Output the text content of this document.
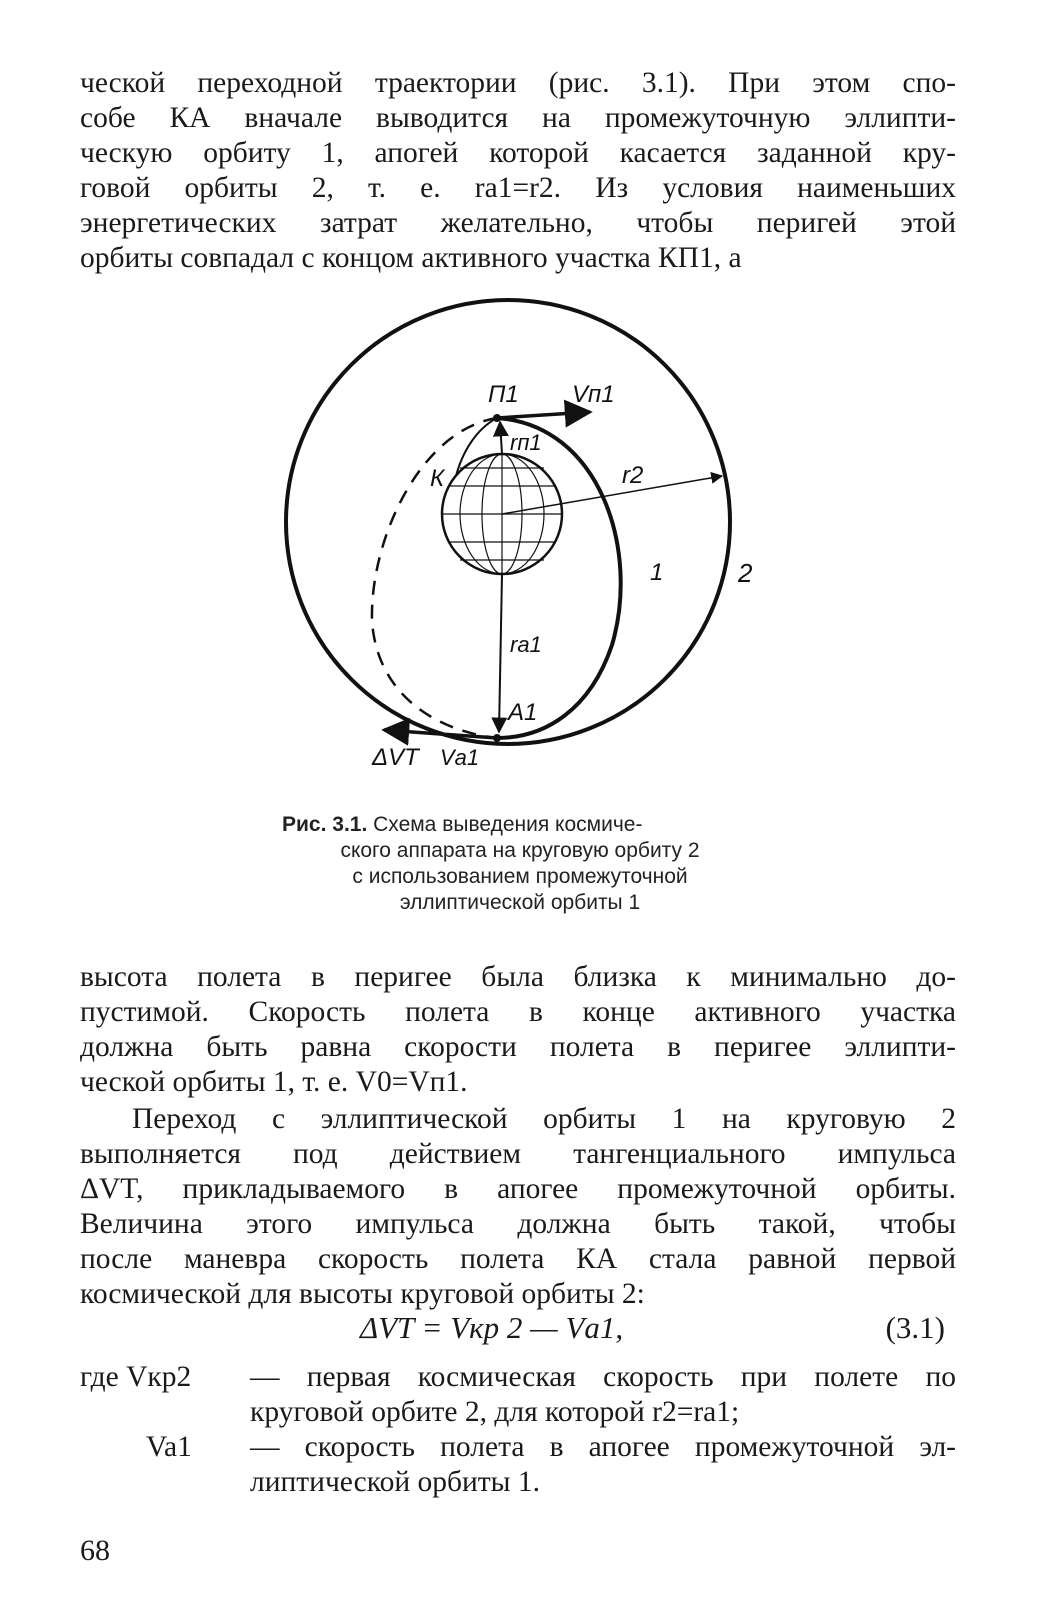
ческой переходной траектории (рис. 3.1). При этом спо-
собе КА вначале выводится на промежуточную эллипти-
ческую орбиту 1, апогей которой касается заданной кру-
говой орбиты 2, т. е. rа1=r2. Из условия наименьших
энергетических затрат желательно, чтобы перигей этой
орбиты совпадал с концом активного участка КП1, а
П1 Vп1
rп1
К	r2
1	2
rа1
А1
ΔVT Vа1
Рис. 3.1. Схема выведения космиче-
ского аппарата на круговую орбиту 2
с использованием промежуточной
эллиптической орбиты 1
высота полета в перигее была близка к минимально до-
пустимой. Скорость полета в конце активного участка
должна быть равна скорости полета в перигее эллипти-
ческой орбиты 1, т. е. V0=Vп1.
Переход с эллиптической орбиты 1 на круговую 2
выполняется под действием тангенциального импульса
ΔVT, прикладываемого в апогее промежуточной орбиты.
Величина этого импульса должна быть такой, чтобы
после маневра скорость полета КА стала равной первой
космической для высоты круговой орбиты 2:
ΔVT = Vкр 2 — Vа1,	(3.1)
где Vкр2 — первая космическая скорость при полете по
круговой орбите 2, для которой r2=rа1;
Va1 — скорость полета в апогее промежуточной эл-
липтической орбиты 1.
68
